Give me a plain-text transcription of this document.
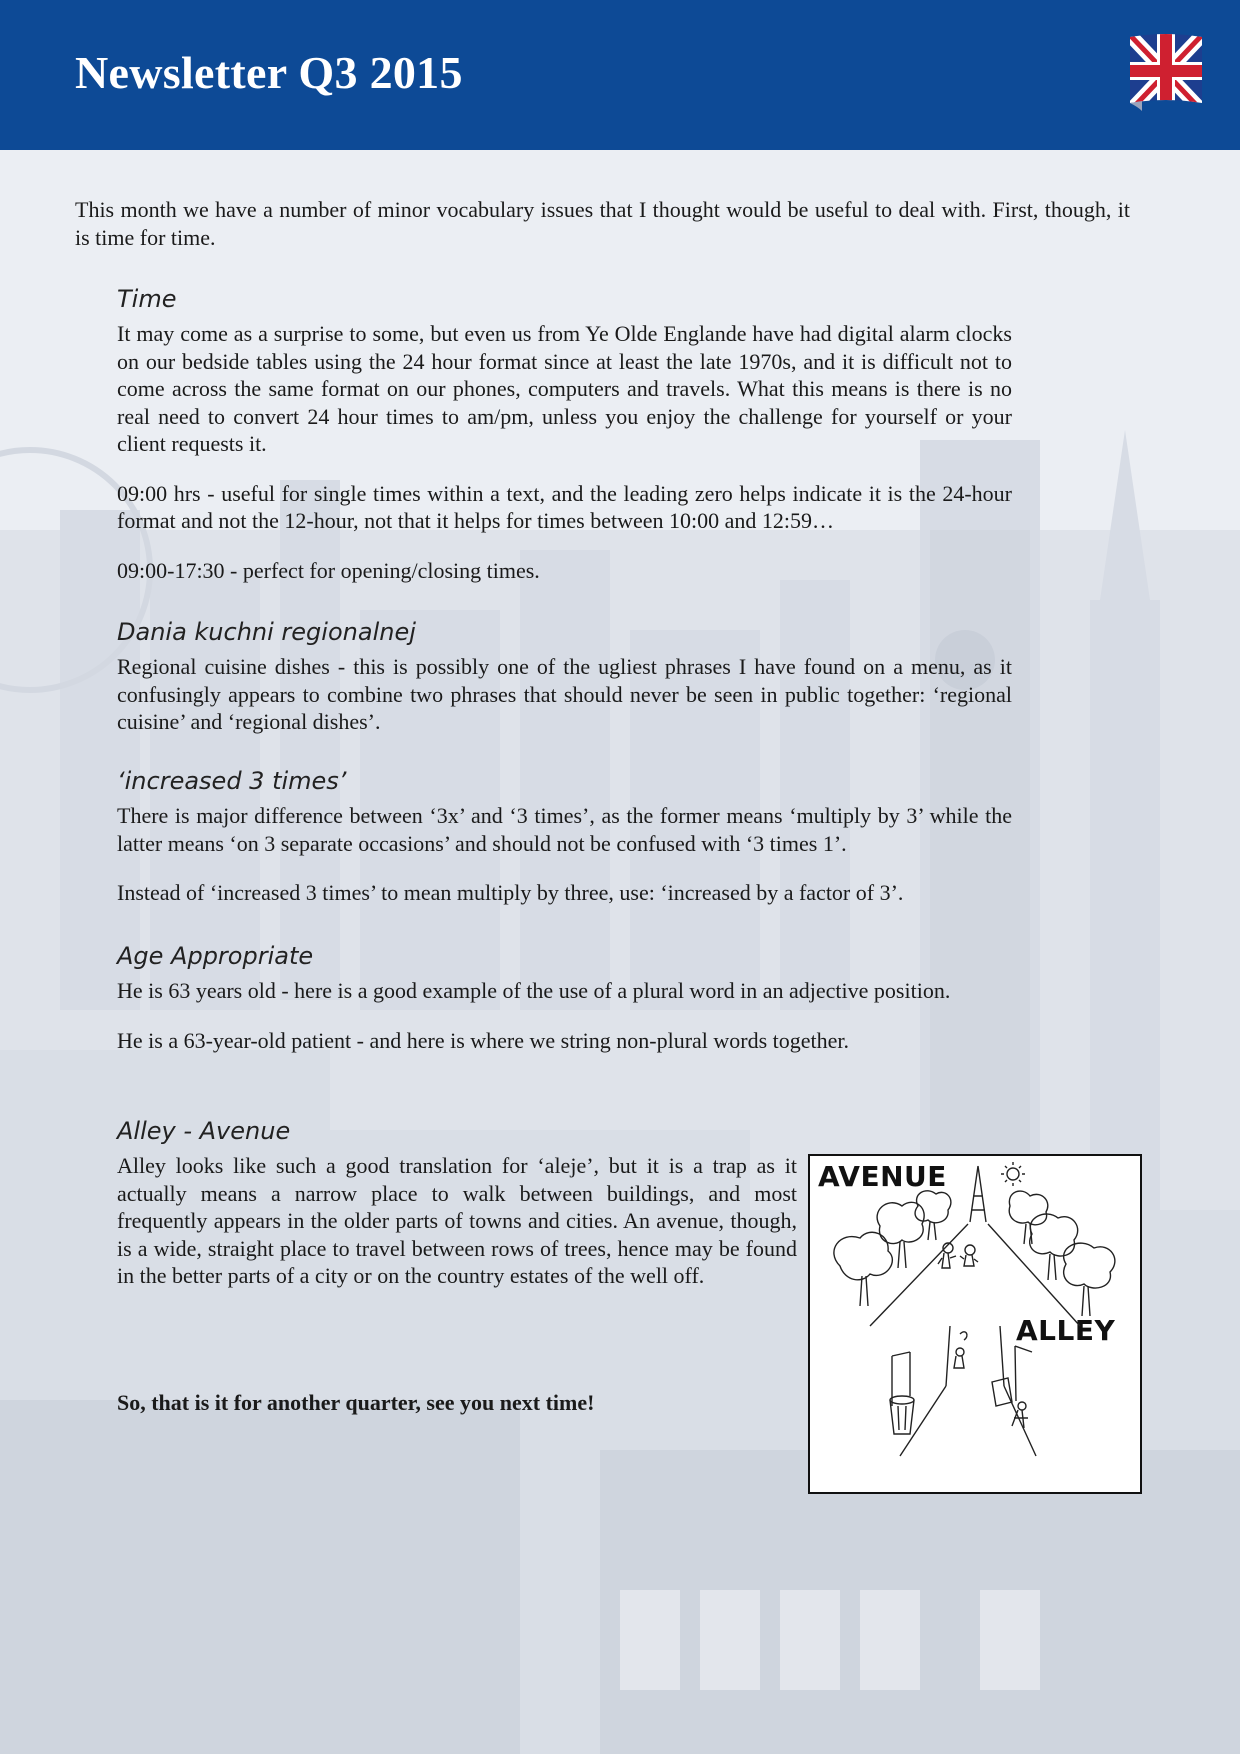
Newsletter Q3 2015

This month we have a number of minor vocabulary issues that I thought would be useful to deal with. First, though, it is time for time.

Time

It may come as a surprise to some, but even us from Ye Olde Englande have had digital alarm clocks on our bedside tables using the 24 hour format since at least the late 1970s, and it is difficult not to come across the same format on our phones, computers and travels. What this means is there is no real need to convert 24 hour times to am/pm, unless you enjoy the challenge for yourself or your client requests it.

09:00 hrs - useful for single times within a text, and the leading zero helps indicate it is the 24-hour format and not the 12-hour, not that it helps for times between 10:00 and 12:59…

09:00-17:30 - perfect for opening/closing times.

Dania kuchni regionalnej

Regional cuisine dishes - this is possibly one of the ugliest phrases I have found on a menu, as it confusingly appears to combine two phrases that should never be seen in public together: ‘regional cuisine’ and ‘regional dishes’.

‘increased 3 times’

There is major difference between ‘3x’ and ‘3 times’, as the former means ‘multiply by 3’ while the latter means ‘on 3 separate occasions’ and should not be confused with ‘3 times 1’.

Instead of ‘increased 3 times’ to mean multiply by three, use: ‘increased by a factor of 3’.

Age Appropriate

He is 63 years old - here is a good example of the use of a plural word in an adjective position.

He is a 63-year-old patient - and here is where we string non-plural words together.

Alley - Avenue

Alley looks like such a good translation for ‘aleje’, but it is a trap as it actually means a narrow place to walk between buildings, and most frequently appears in the older parts of towns and cities. An avenue, though, is a wide, straight place to travel between rows of trees, hence may be found in the better parts of a city or on the country estates of the well off.

So, that is it for another quarter, see you next time!

AVENUE
ALLEY
